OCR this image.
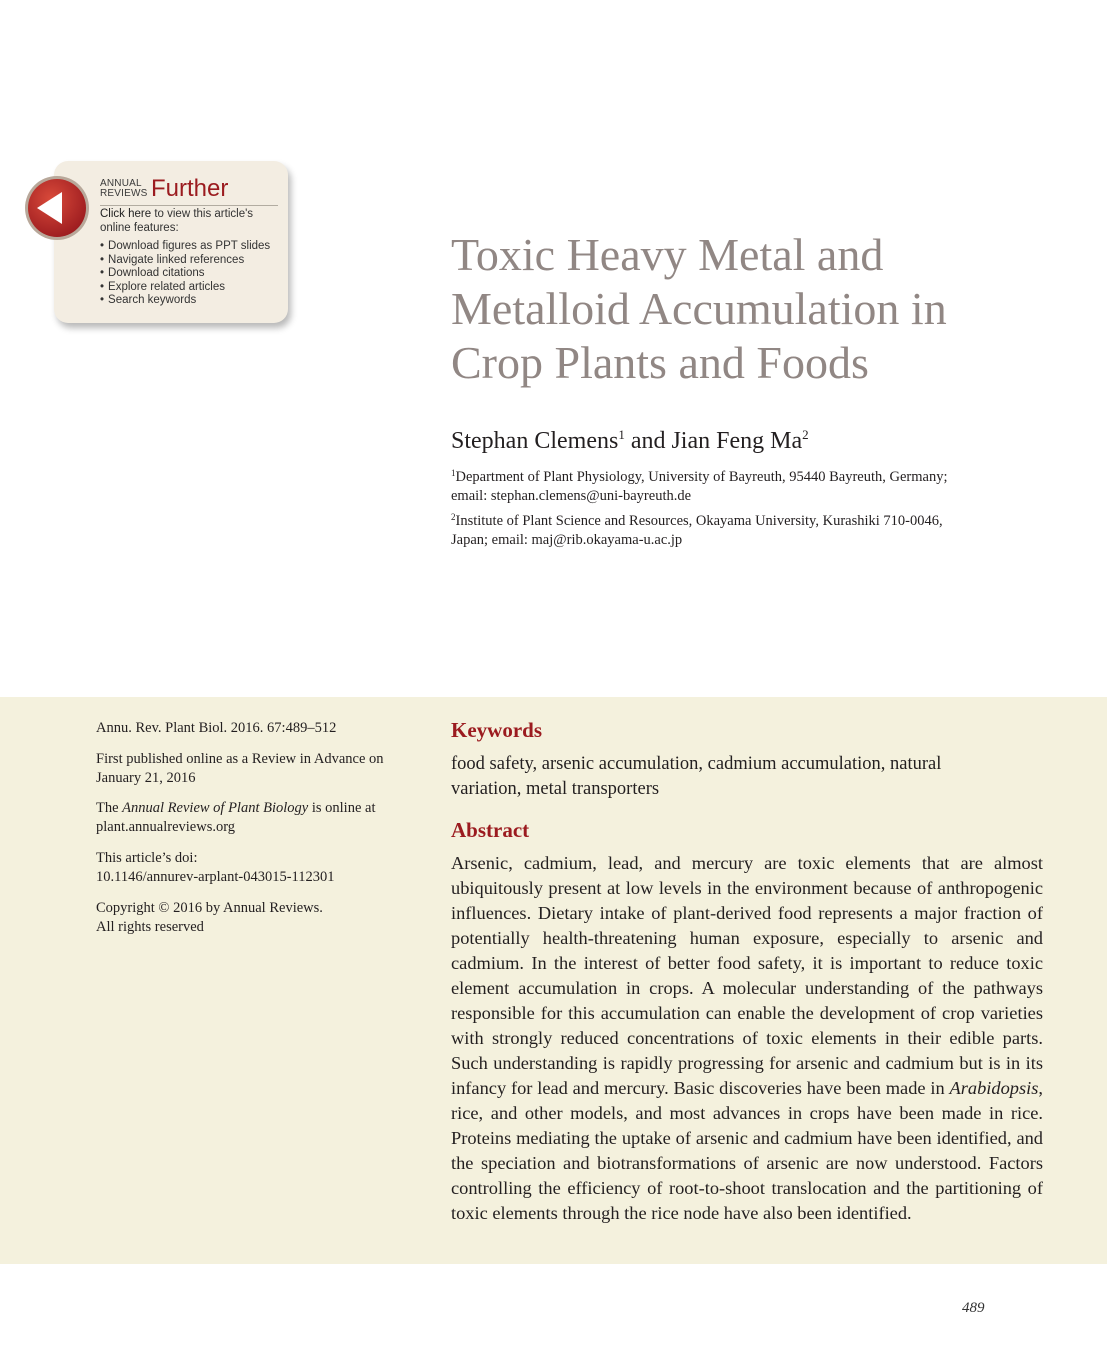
ANNUAL
REVIEWS Further
Click here to view this article's online features:
• Download figures as PPT slides
• Navigate linked references
• Download citations
• Explore related articles
• Search keywords
Toxic Heavy Metal and
Metalloid Accumulation in
Crop Plants and Foods
Stephan Clemens$^1$ and Jian Feng Ma$^2$
$^1$Department of Plant Physiology, University of Bayreuth, 95440 Bayreuth, Germany;
email: stephan.clemens@uni-bayreuth.de
$^2$Institute of Plant Science and Resources, Okayama University, Kurashiki 710-0046,
Japan; email: maj@rib.okayama-u.ac.jp
Annu. Rev. Plant Biol. 2016. 67:489–512
First published online as a Review in Advance on
January 21, 2016
The Annual Review of Plant Biology is online at
plant.annualreviews.org
This article’s doi:
10.1146/annurev-arplant-043015-112301
Copyright © 2016 by Annual Reviews.
All rights reserved
Keywords
food safety, arsenic accumulation, cadmium accumulation, natural variation, metal transporters
Abstract
Arsenic, cadmium, lead, and mercury are toxic elements that are almost ubiquitously present at low levels in the environment because of anthropogenic influences. Dietary intake of plant-derived food represents a major fraction of potentially health-threatening human exposure, especially to arsenic and cadmium. In the interest of better food safety, it is important to reduce toxic element accumulation in crops. A molecular understanding of the pathways responsible for this accumulation can enable the development of crop varieties with strongly reduced concentrations of toxic elements in their edible parts. Such understanding is rapidly progressing for arsenic and cadmium but is in its infancy for lead and mercury. Basic discoveries have been made in Arabidopsis, rice, and other models, and most advances in crops have been made in rice. Proteins mediating the uptake of arsenic and cadmium have been identified, and the speciation and biotransformations of arsenic are now understood. Factors controlling the efficiency of root-to-shoot translocation and the partitioning of toxic elements through the rice node have also been identified.
489
